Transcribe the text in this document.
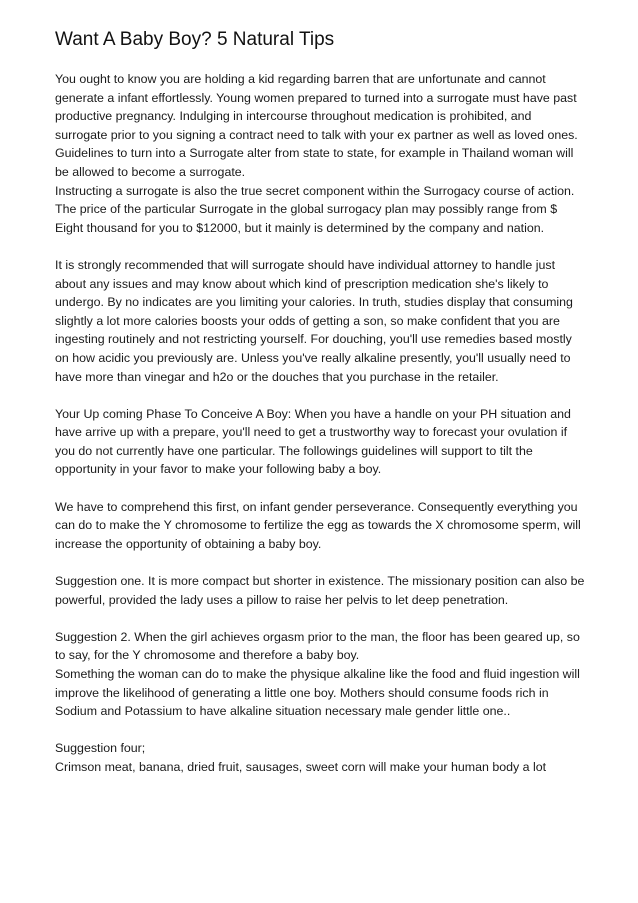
Want A Baby Boy? 5 Natural Tips
You ought to know you are holding a kid regarding barren that are unfortunate and cannot generate a infant effortlessly. Young women prepared to turned into a surrogate must have past productive pregnancy. Indulging in intercourse throughout medication is prohibited, and surrogate prior to you signing a contract need to talk with your ex partner as well as loved ones.
Guidelines to turn into a Surrogate alter from state to state, for example in Thailand woman will be allowed to become a surrogate.
Instructing a surrogate is also the true secret component within the Surrogacy course of action.
The price of the particular Surrogate in the global surrogacy plan may possibly range from $ Eight thousand for you to $12000, but it mainly is determined by the company and nation.
It is strongly recommended that will surrogate should have individual attorney to handle just about any issues and may know about which kind of prescription medication she's likely to undergo. By no indicates are you limiting your calories. In truth, studies display that consuming slightly a lot more calories boosts your odds of getting a son, so make confident that you are ingesting routinely and not restricting yourself. For douching, you'll use remedies based mostly on how acidic you previously are. Unless you've really alkaline presently, you'll usually need to have more than vinegar and h2o or the douches that you purchase in the retailer.
Your Up coming Phase To Conceive A Boy: When you have a handle on your PH situation and have arrive up with a prepare, you'll need to get a trustworthy way to forecast your ovulation if you do not currently have one particular. The followings guidelines will support to tilt the opportunity in your favor to make your following baby a boy.
We have to comprehend this first, on infant gender perseverance. Consequently everything you can do to make the Y chromosome to fertilize the egg as towards the X chromosome sperm, will increase the opportunity of obtaining a baby boy.
Suggestion one. It is more compact but shorter in existence. The missionary position can also be powerful, provided the lady uses a pillow to raise her pelvis to let deep penetration.
Suggestion 2. When the girl achieves orgasm prior to the man, the floor has been geared up, so to say, for the Y chromosome and therefore a baby boy.
Something the woman can do to make the physique alkaline like the food and fluid ingestion will improve the likelihood of generating a little one boy. Mothers should consume foods rich in Sodium and Potassium to have alkaline situation necessary male gender little one..
Suggestion four;
Crimson meat, banana, dried fruit, sausages, sweet corn will make your human body a lot
